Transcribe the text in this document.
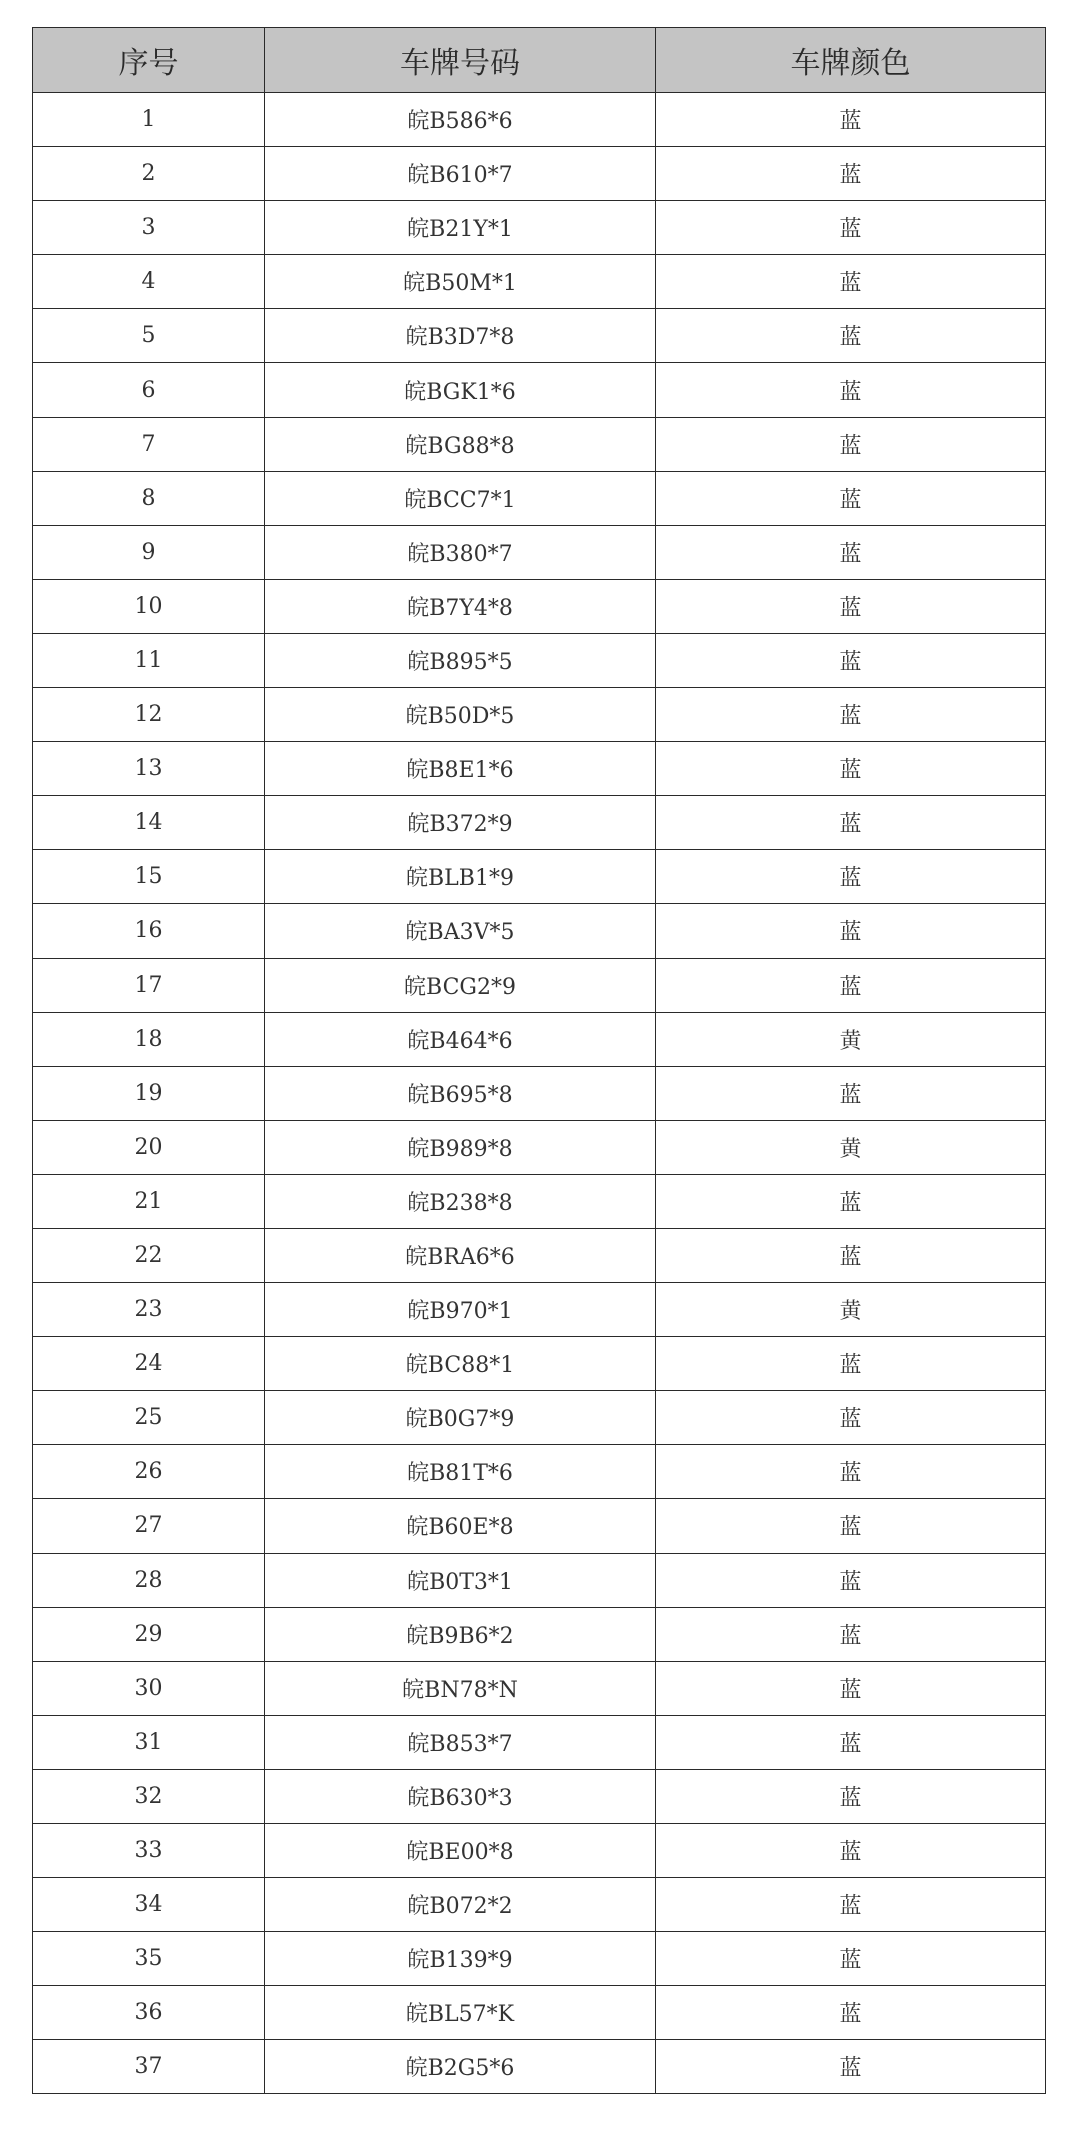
序号	车牌号码	车牌颜色
1	皖B586*6	蓝
2	皖B610*7	蓝
3	皖B21Y*1	蓝
4	皖B50M*1	蓝
5	皖B3D7*8	蓝
6	皖BGK1*6	蓝
7	皖BG88*8	蓝
8	皖BCC7*1	蓝
9	皖B380*7	蓝
10	皖B7Y4*8	蓝
11	皖B895*5	蓝
12	皖B50D*5	蓝
13	皖B8E1*6	蓝
14	皖B372*9	蓝
15	皖BLB1*9	蓝
16	皖BA3V*5	蓝
17	皖BCG2*9	蓝
18	皖B464*6	黄
19	皖B695*8	蓝
20	皖B989*8	黄
21	皖B238*8	蓝
22	皖BRA6*6	蓝
23	皖B970*1	黄
24	皖BC88*1	蓝
25	皖B0G7*9	蓝
26	皖B81T*6	蓝
27	皖B60E*8	蓝
28	皖B0T3*1	蓝
29	皖B9B6*2	蓝
30	皖BN78*N	蓝
31	皖B853*7	蓝
32	皖B630*3	蓝
33	皖BE00*8	蓝
34	皖B072*2	蓝
35	皖B139*9	蓝
36	皖BL57*K	蓝
37	皖B2G5*6	蓝
